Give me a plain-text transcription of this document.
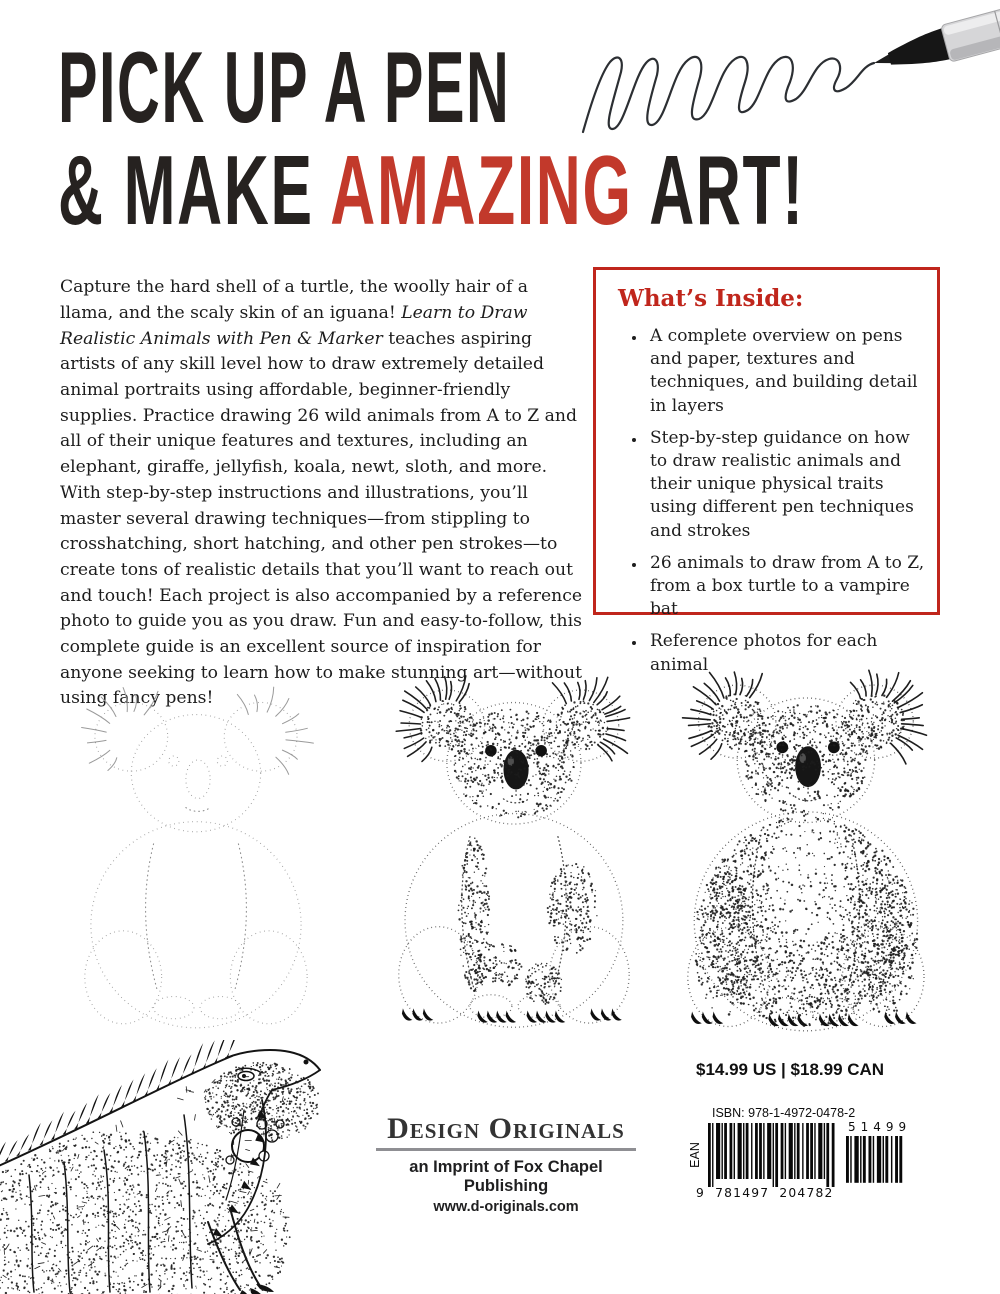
PICK UP A PEN
& MAKE AMAZING ART!

Capture the hard shell of a turtle, the woolly hair of a llama, and the scaly skin of an iguana! Learn to Draw Realistic Animals with Pen & Marker teaches aspiring artists of any skill level how to draw extremely detailed animal portraits using affordable, beginner-friendly supplies. Practice drawing 26 wild animals from A to Z and all of their unique features and textures, including an elephant, giraffe, jellyfish, koala, newt, sloth, and more. With step-by-step instructions and illustrations, you’ll master several drawing techniques—from stippling to crosshatching, short hatching, and other pen strokes—to create tons of realistic details that you’ll want to reach out and touch! Each project is also accompanied by a reference photo to guide you as you draw. Fun and easy-to-follow, this complete guide is an excellent source of inspiration for anyone seeking to learn how to make stunning art—without using fancy pens!

What’s Inside:
• A complete overview on pens and paper, textures and techniques, and building detail in layers
• Step-by-step guidance on how to draw realistic animals and their unique physical traits using different pen techniques and strokes
• 26 animals to draw from A to Z, from a box turtle to a vampire bat
• Reference photos for each animal
$14.99 US | $18.99 CAN
Design Originals
an Imprint of Fox Chapel Publishing
www.d-originals.com
ISBN: 978-1-4972-0478-2
EAN
9 781497 204782
51499
